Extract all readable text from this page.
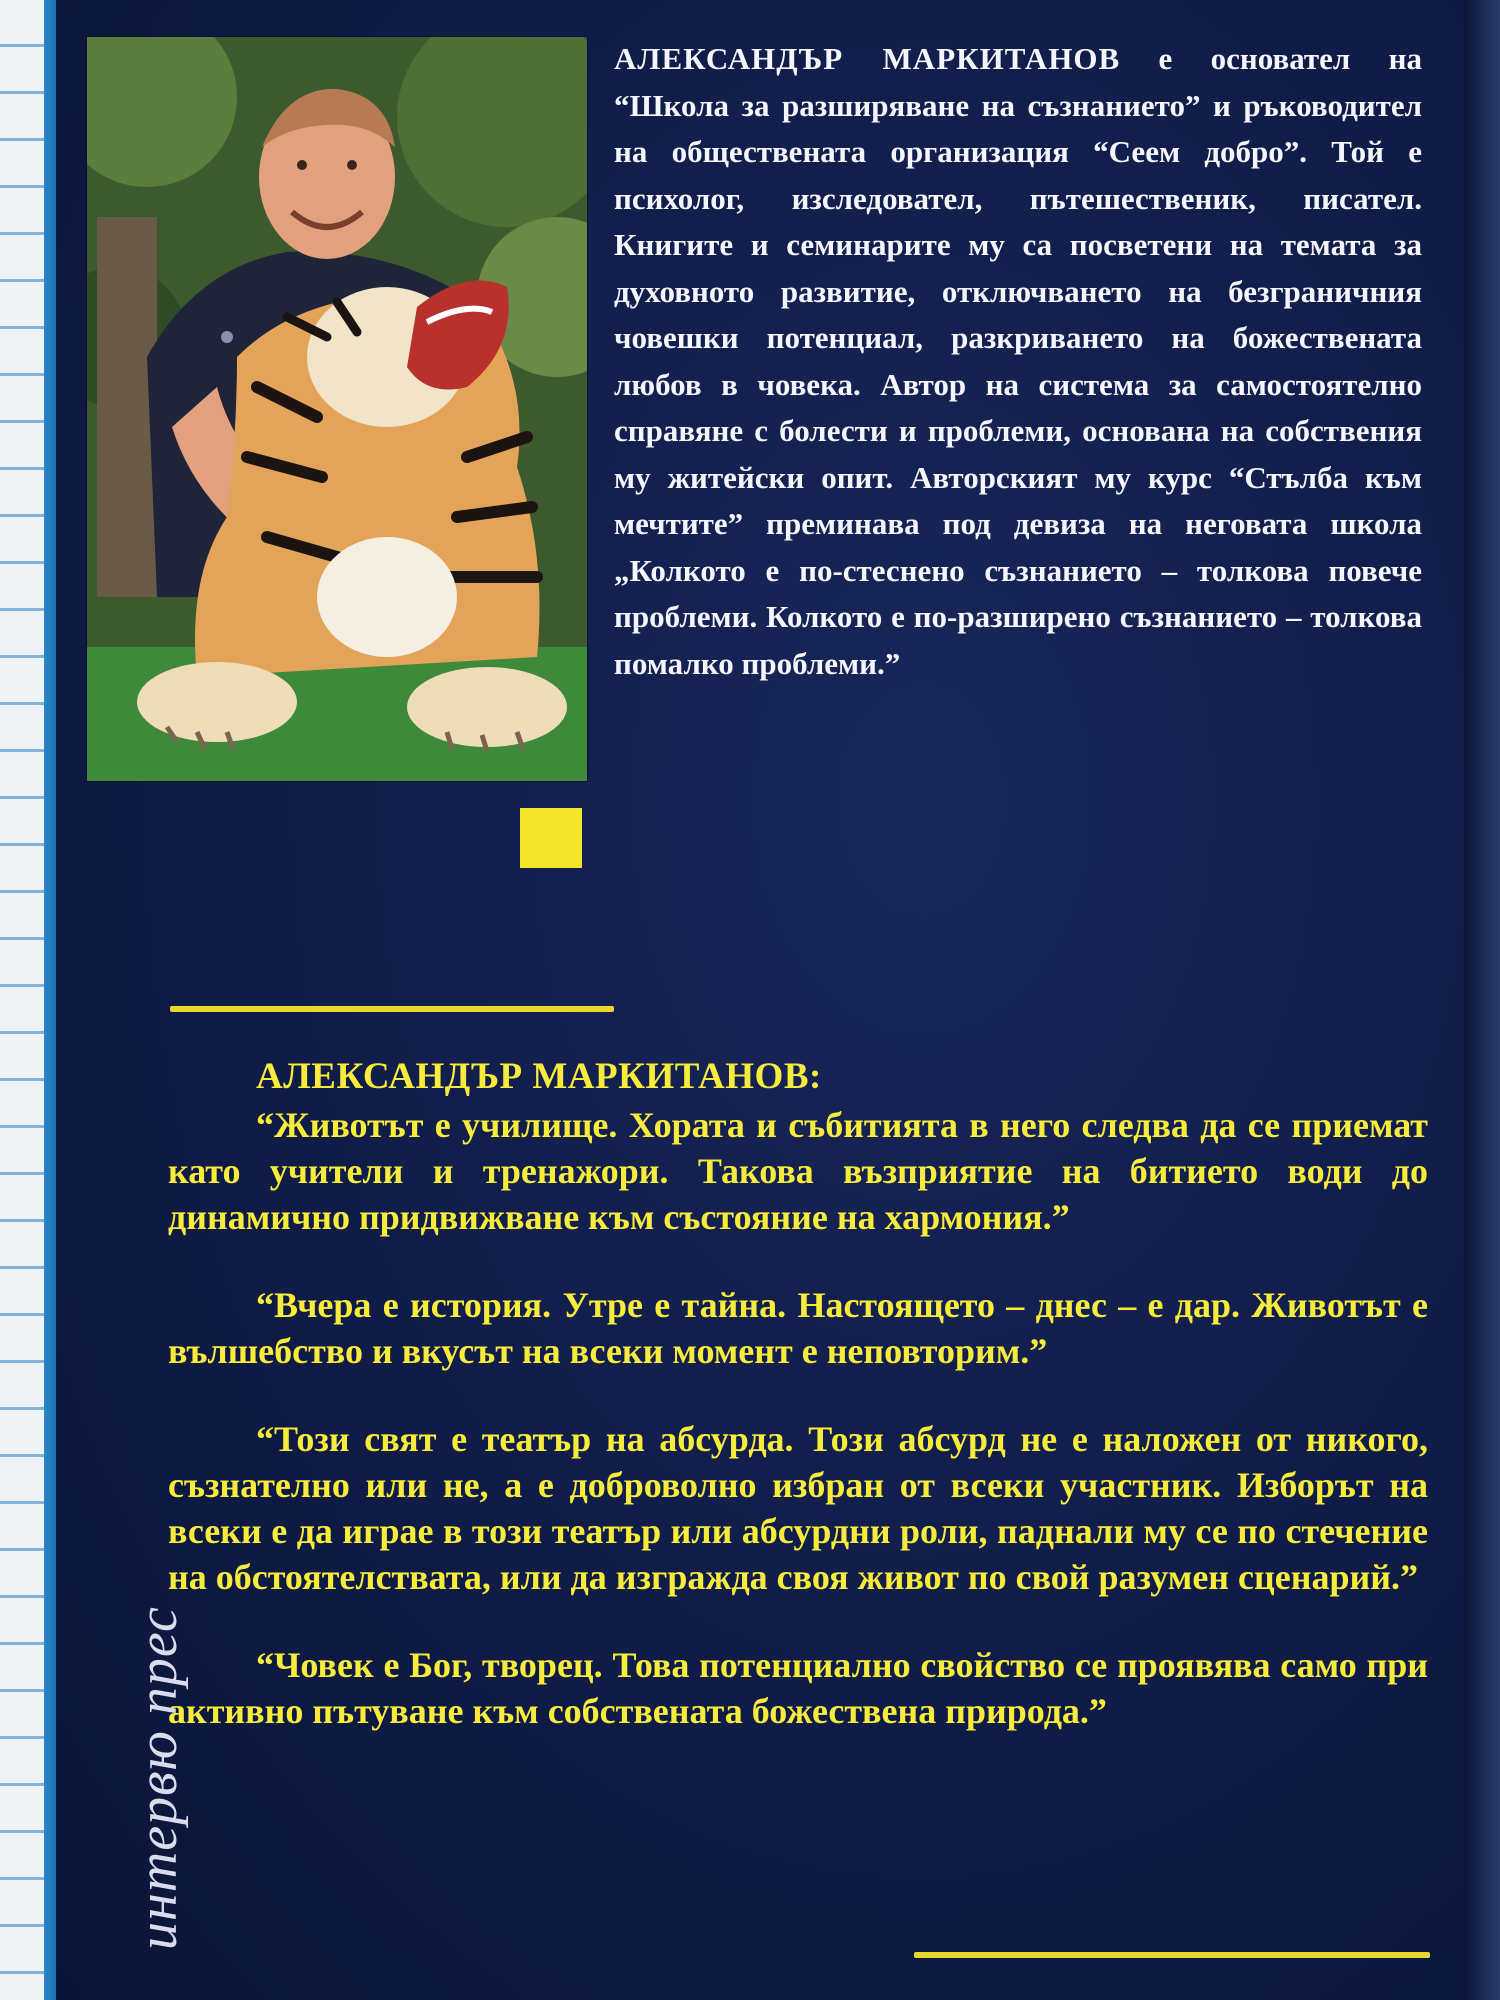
АЛЕКСАНДЪР МАРКИТАНОВ е основател на “Школа за разширяване на съзнанието” и ръководител на обществената организация “Сеем добро”. Той е психолог, изследовател, пътешественик, писател. Книгите и семинарите му са посветени на темата за духовното развитие, отключването на безграничния човешки потенциал, разкриването на божествената любов в човека. Автор на система за самостоятелно справяне с болести и проблеми, основана на собствения му житейски опит. Авторският му курс “Стълба към мечтите” преминава под девиза на неговата школа „Колкото е по-стеснено съзнанието – толкова повече проблеми. Колкото е по-разширено съзнанието – толкова помалко проблеми.”
АЛЕКСАНДЪР МАРКИТАНОВ:

“Животът е училище. Хората и събитията в него следва да се приемат като учители и тренажори. Такова възприятие на битието води до динамично придвижване към състояние на хармония.”

“Вчера е история. Утре е тайна. Настоящето – днес – е дар. Животът е вълшебство и вкусът на всеки момент е неповторим.”

“Този свят е театър на абсурда. Този абсурд не е наложен от никого, съзнателно или не, а е доброволно избран от всеки участник. Изборът на всеки е да играе в този театър или абсурдни роли, паднали му се по стечение на обстоятелствата, или да изгражда своя живот по свой разумен сценарий.”

“Човек е Бог, творец. Това потенциално свойство се проявява само при активно пътуване към собствената божествена природа.”

интервю прес
